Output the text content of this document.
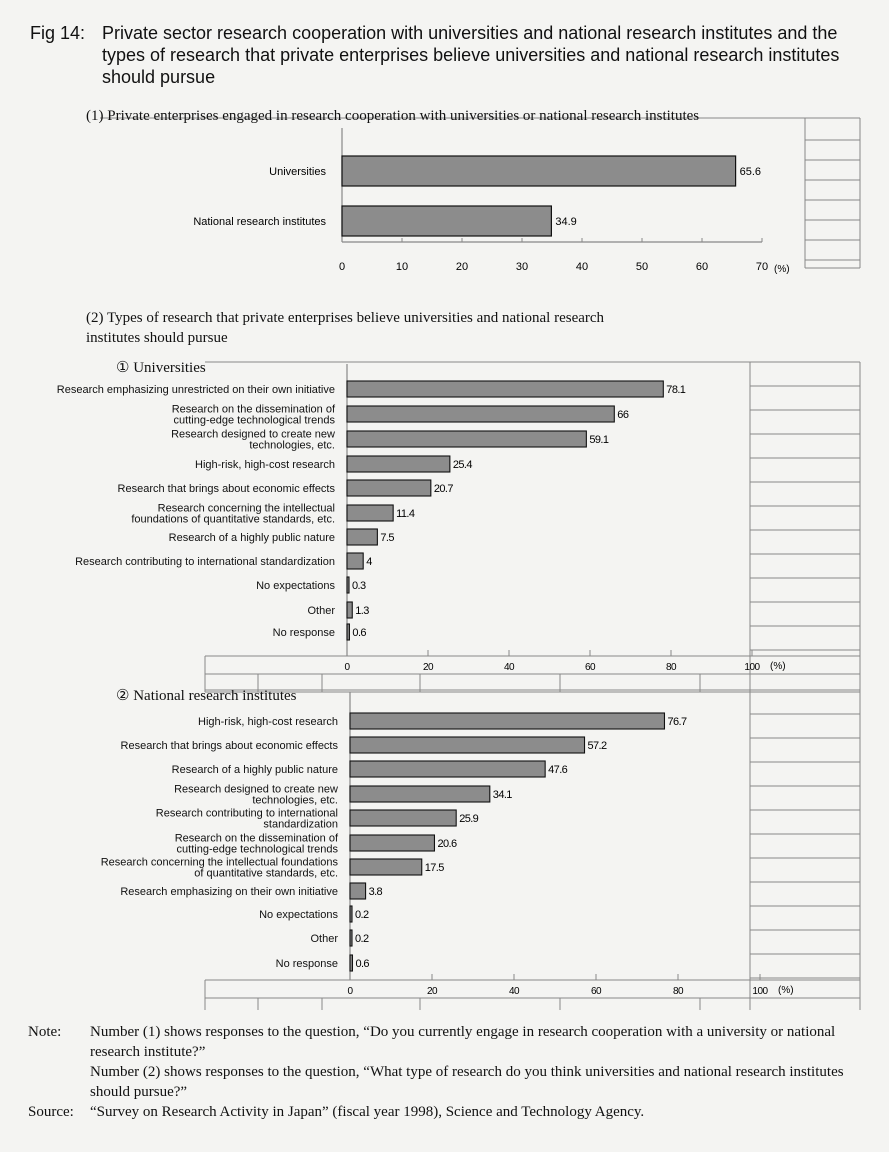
Fig 14: Private sector research cooperation with universities and national research institutes and the types of research that private enterprises believe universities and national research institutes should pursue
(1) Private enterprises engaged in research cooperation with universities or national research institutes
0	10	20	30	40	50	60	70 (%)
Universities	65.6
National research institutes	34.9
(2) Types of research that private enterprises believe universities and national research institutes should pursue
① Universities
0	20	40	60	80	100 (%)
Research emphasizing unrestricted on their own initiative	78.1
Research on the dissemination of cutting-edge technological trends	66
Research designed to create new technologies, etc.	59.1
High-risk, high-cost research	25.4
Research that brings about economic effects	20.7
Research concerning the intellectual foundations of quantitative standards, etc.	11.4
Research of a highly public nature	7.5
Research contributing to international standardization	4
No expectations 0.3
Other 1.3
No response 0.6
② National research institutes
0	20	40	60	80	100 (%)
High-risk, high-cost research	76.7
Research that brings about economic effects	57.2
Research of a highly public nature	47.6
Research designed to create new technologies, etc.	34.1
Research contributing to international standardization	25.9
Research on the dissemination of cutting-edge technological trends	20.6
Research concerning the intellectual foundations of quantitative standards, etc.	17.5
Research emphasizing on their own initiative	3.8
No expectations 0.2
Other 0.2
No response 0.6
Note:	Number (1) shows responses to the question, “Do you currently engage in research cooperation with a university or national research institute?”
Number (2) shows responses to the question, “What type of research do you think universities and national research institutes should pursue?”
Source:	“Survey on Research Activity in Japan” (fiscal year 1998), Science and Technology Agency.
